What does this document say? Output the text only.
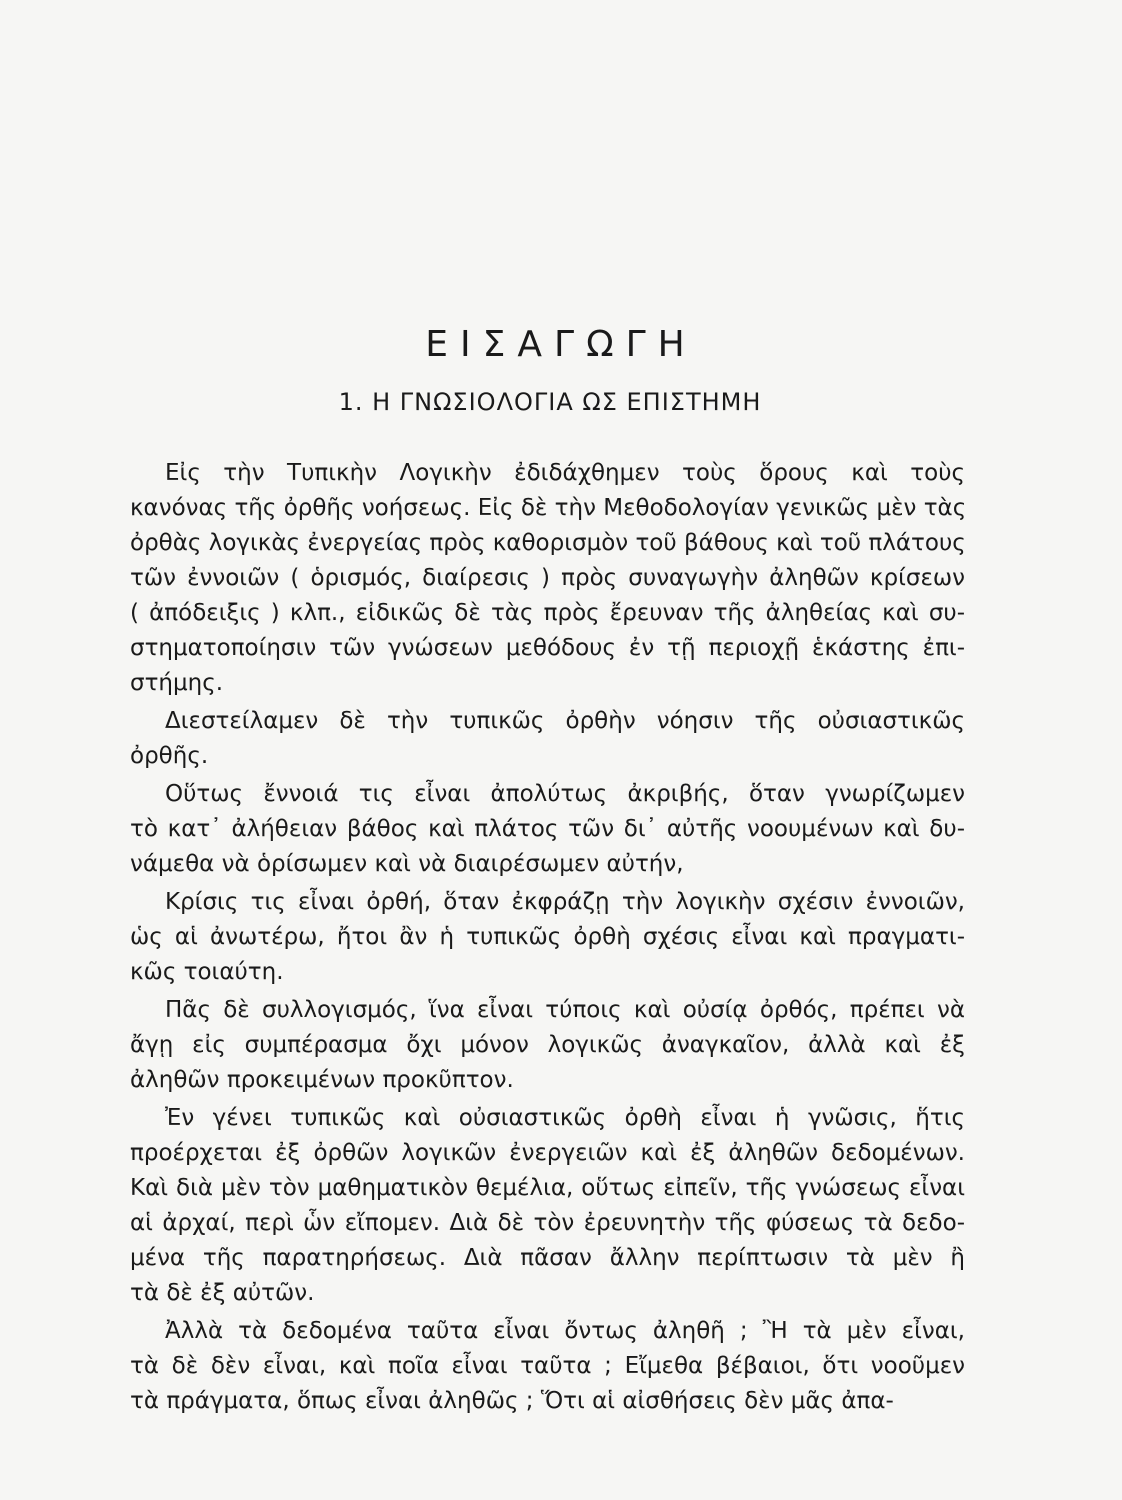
ΕΙΣΑΓΩΓΗ
1. Η ΓΝΩΣΙΟΛΟΓΙΑ ΩΣ ΕΠΙΣΤΗΜΗ
Εἰς τὴν Τυπικὴν Λογικὴν ἐδιδάχθημεν τοὺς ὅρους καὶ τοὺς
κανόνας τῆς ὀρθῆς νοήσεως. Εἰς δὲ τὴν Μεθοδολογίαν γενικῶς μὲν τὰς
ὀρθὰς λογικὰς ἐνεργείας πρὸς καθορισμὸν τοῦ βάθους καὶ τοῦ πλάτους
τῶν ἐννοιῶν ( ὁρισμός, διαίρεσις ) πρὸς συναγωγὴν ἀληθῶν κρίσεων
( ἀπόδειξις ) κλπ., εἰδικῶς δὲ τὰς πρὸς ἔρευναν τῆς ἀληθείας καὶ συ-
στηματοποίησιν τῶν γνώσεων μεθόδους ἐν τῇ περιοχῇ ἑκάστης ἐπι-
στήμης.
Διεστείλαμεν δὲ τὴν τυπικῶς ὀρθὴν νόησιν τῆς οὐσιαστικῶς
ὀρθῆς.
Οὕτως ἔννοιά τις εἶναι ἀπολύτως ἀκριβής, ὅταν γνωρίζωμεν
τὸ κατ᾽ ἀλήθειαν βάθος καὶ πλάτος τῶν δι᾽ αὐτῆς νοουμένων καὶ δυ-
νάμεθα νὰ ὁρίσωμεν καὶ νὰ διαιρέσωμεν αὐτήν,
Κρίσις τις εἶναι ὀρθή, ὅταν ἐκφράζῃ τὴν λογικὴν σχέσιν ἐννοιῶν,
ὡς αἱ ἀνωτέρω, ἤτοι ἂν ἡ τυπικῶς ὀρθὴ σχέσις εἶναι καὶ πραγματι-
κῶς τοιαύτη.
Πᾶς δὲ συλλογισμός, ἵνα εἶναι τύποις καὶ οὐσίᾳ ὀρθός, πρέπει νὰ
ἄγῃ εἰς συμπέρασμα ὄχι μόνον λογικῶς ἀναγκαῖον, ἀλλὰ καὶ ἐξ
ἀληθῶν προκειμένων προκῦπτον.
Ἐν γένει τυπικῶς καὶ οὐσιαστικῶς ὀρθὴ εἶναι ἡ γνῶσις, ἥτις
προέρχεται ἐξ ὀρθῶν λογικῶν ἐνεργειῶν καὶ ἐξ ἀληθῶν δεδομένων.
Καὶ διὰ μὲν τὸν μαθηματικὸν θεμέλια, οὕτως εἰπεῖν, τῆς γνώσεως εἶναι
αἱ ἀρχαί, περὶ ὧν εἴπομεν. Διὰ δὲ τὸν ἐρευνητὴν τῆς φύσεως τὰ δεδο-
μένα τῆς παρατηρήσεως. Διὰ πᾶσαν ἄλλην περίπτωσιν τὰ μὲν ἢ
τὰ δὲ ἐξ αὐτῶν.
Ἀλλὰ τὰ δεδομένα ταῦτα εἶναι ὄντως ἀληθῆ ; Ἢ τὰ μὲν εἶναι,
τὰ δὲ δὲν εἶναι, καὶ ποῖα εἶναι ταῦτα ; Εἴμεθα βέβαιοι, ὅτι νοοῦμεν
τὰ πράγματα, ὅπως εἶναι ἀληθῶς ; Ὅτι αἱ αἰσθήσεις δὲν μᾶς ἀπα-
